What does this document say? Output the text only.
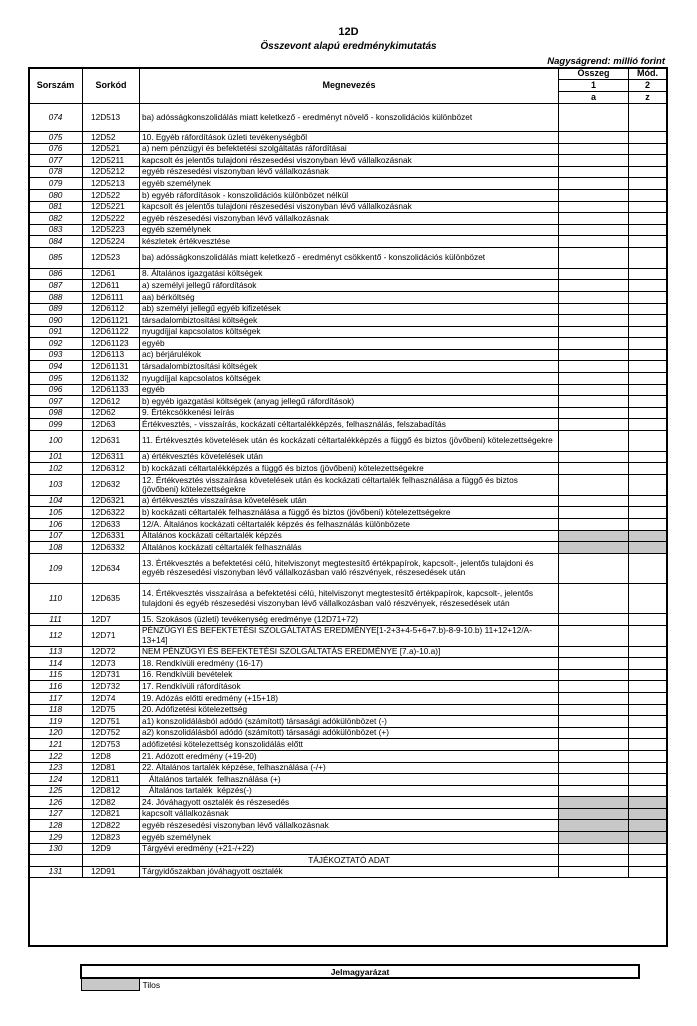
12D
Összevont alapú eredménykimutatás
Nagyságrend: millió forint
Sorszám	Sorkód	Megnevezés	Összeg	Mód.
			1	2
			a	z
074	12D513	ba) adósságkonszolidálás miatt keletkező - eredményt növelő - konszolidációs különbözet		
075	12D52	10. Egyéb ráfordítások üzleti tevékenységből		
076	12D521	a) nem pénzügyi és befektetési szolgáltatás ráfordításai		
077	12D5211	kapcsolt és jelentős tulajdoni részesedési viszonyban lévő vállalkozásnak		
078	12D5212	egyéb részesedési viszonyban lévő vállalkozásnak		
079	12D5213	egyéb személynek		
080	12D522	b) egyéb ráfordítások - konszolidációs különbözet nélkül		
081	12D5221	kapcsolt és jelentős tulajdoni részesedési viszonyban lévő vállalkozásnak		
082	12D5222	egyéb részesedési viszonyban lévő vállalkozásnak		
083	12D5223	egyéb személynek		
084	12D5224	készletek értékvesztése		
085	12D523	ba) adósságkonszolidálás miatt keletkező - eredményt csökkentő - konszolidációs különbözet		
086	12D61	8. Általános igazgatási költségek		
087	12D611	a) személyi jellegű ráfordítások		
088	12D6111	aa) bérköltség		
089	12D6112	ab) személyi jellegű egyéb kifizetések		
090	12D61121	társadalombiztosítási költségek		
091	12D61122	nyugdíjjal kapcsolatos költségek		
092	12D61123	egyéb		
093	12D6113	ac) bérjárulékok		
094	12D61131	társadalombiztosítási költségek		
095	12D61132	nyugdíjjal kapcsolatos költségek		
096	12D61133	egyéb		
097	12D612	b) egyéb igazgatási költségek (anyag jellegű ráfordítások)		
098	12D62	9. Értékcsökkenési leírás		
099	12D63	Értékvesztés, - visszaírás, kockázati céltartalékképzés, felhasználás, felszabadítás		
100	12D631	11. Értékvesztés követelések után és kockázati céltartalékképzés a függő és biztos (jövőbeni) kötelezettségekre		
101	12D6311	a) értékvesztés követelések után		
102	12D6312	b) kockázati céltartalékképzés a függő és biztos (jövőbeni) kötelezettségekre		
103	12D632	12. Értékvesztés visszaírása követelések után és kockázati céltartalék felhasználása a függő és biztos (jövőbeni) kötelezettségekre		
104	12D6321	a) értékvesztés visszaírása követelések után		
105	12D6322	b) kockázati céltartalék felhasználása a függő és biztos (jövőbeni) kötelezettségekre		
106	12D633	12/A. Általános kockázati céltartalék képzés és felhasználás különbözete		
107	12D6331	Általános kockázati céltartalék képzés		
108	12D6332	Általános kockázati céltartalék felhasználás		
109	12D634	13. Értékvesztés a befektetési célú, hitelviszonyt megtestesítő értékpapírok, kapcsolt-, jelentős tulajdoni és egyéb részesedési viszonyban lévő vállalkozásban való részvények, részesedések után		
110	12D635	14. Értékvesztés visszaírása a befektetési célú, hitelviszonyt megtestesítő értékpapírok, kapcsolt-, jelentős tulajdoni és egyéb részesedési viszonyban lévő vállalkozásban való részvények, részesedések után		
111	12D7	15. Szokásos (üzleti) tevékenység eredménye (12D71+72)		
112	12D71	PÉNZÜGYI ÉS BEFEKTETÉSI SZOLGÁLTATÁS EREDMÉNYE[1-2+3+4-5+6+7.b)-8-9-10.b) 11+12+12/A-13+14]		
113	12D72	NEM PÉNZÜGYI ÉS BEFEKTETÉSI SZOLGÁLTATÁS EREDMÉNYE [7.a)-10.a)]		
114	12D73	18. Rendkívüli eredmény (16-17)		
115	12D731	16. Rendkívüli bevételek		
116	12D732	17. Rendkívüli ráfordítások		
117	12D74	19. Adózás előtti eredmény (+15+18)		
118	12D75	20. Adófizetési kötelezettség		
119	12D751	a1) konszolidálásból adódó (számított) társasági adókülönbözet (-)		
120	12D752	a2) konszolidálásból adódó (számított) társasági adókülönbözet (+)		
121	12D753	adófizetési kötelezettség konszolidálás előtt		
122	12D8	21. Adózott eredmény (+19-20)		
123	12D81	22. Általános tartalék képzése, felhasználása (-/+)		
124	12D811	Általános tartalék  felhasználása (+)		
125	12D812	Általános tartalék  képzés(-)		
126	12D82	24. Jóváhagyott osztalék és részesedés		
127	12D821	kapcsolt vállalkozásnak		
128	12D822	egyéb részesedési viszonyban lévő vállalkozásnak		
129	12D823	egyéb személynek		
130	12D9	Tárgyévi eredmény (+21-/+22)		
		TÁJÉKOZTATÓ ADAT		
131	12D91	Tárgyidőszakban jóváhagyott osztalék		
Jelmagyarázat
	Tilos
